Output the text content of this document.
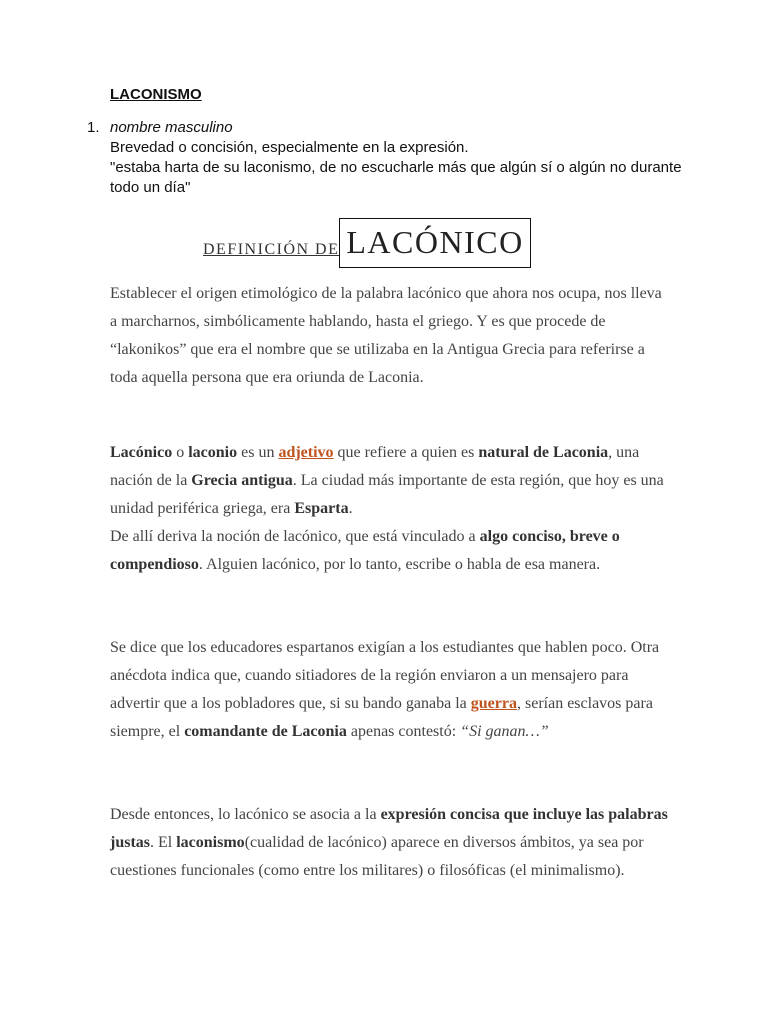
LACONISMO
1. nombre masculino
Brevedad o concisión, especialmente en la expresión.
"estaba harta de su laconismo, de no escucharle más que algún sí o algún no durante todo un día"
DEFINICIÓN DE LACÓNICO
Establecer el origen etimológico de la palabra lacónico que ahora nos ocupa, nos lleva a marcharnos, simbólicamente hablando, hasta el griego. Y es que procede de “lakonikos” que era el nombre que se utilizaba en la Antigua Grecia para referirse a toda aquella persona que era oriunda de Laconia.
Lacónico o laconio es un adjetivo que refiere a quien es natural de Laconia, una nación de la Grecia antigua. La ciudad más importante de esta región, que hoy es una unidad periférica griega, era Esparta.
De allí deriva la noción de lacónico, que está vinculado a algo conciso, breve o compendioso. Alguien lacónico, por lo tanto, escribe o habla de esa manera.
Se dice que los educadores espartanos exigían a los estudiantes que hablen poco. Otra anécdota indica que, cuando sitiadores de la región enviaron a un mensajero para advertir que a los pobladores que, si su bando ganaba la guerra, serían esclavos para siempre, el comandante de Laconia apenas contestó: “Si ganan…”
Desde entonces, lo lacónico se asocia a la expresión concisa que incluye las palabras justas. El laconismo(cualidad de lacónico) aparece en diversos ámbitos, ya sea por cuestiones funcionales (como entre los militares) o filosóficas (el minimalismo).
